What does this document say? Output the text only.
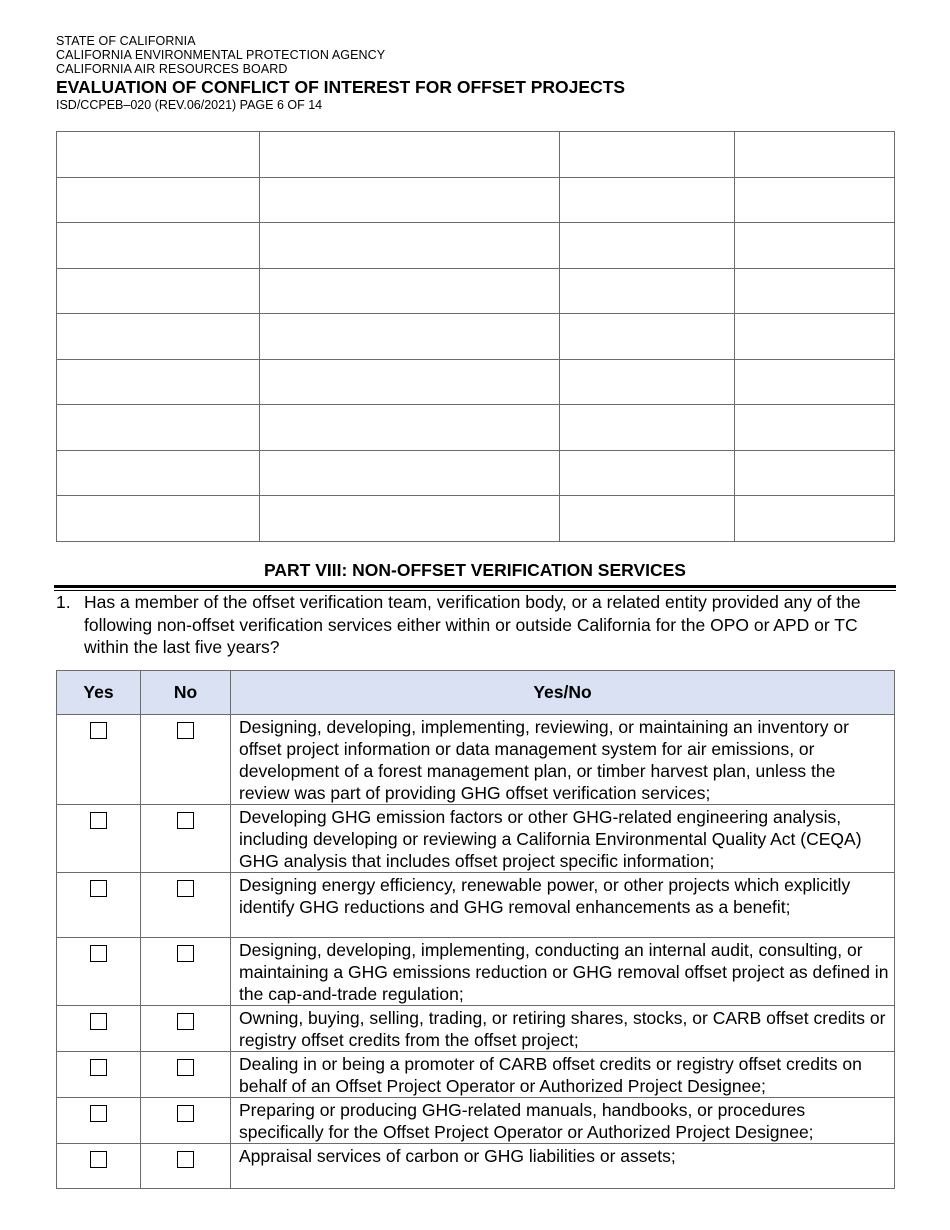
STATE OF CALIFORNIA
CALIFORNIA ENVIRONMENTAL PROTECTION AGENCY
CALIFORNIA AIR RESOURCES BOARD
EVALUATION OF CONFLICT OF INTEREST FOR OFFSET PROJECTS
ISD/CCPEB–020 (REV.06/2021) PAGE 6 OF 14

PART VIII: NON-OFFSET VERIFICATION SERVICES
1. Has a member of the offset verification team, verification body, or a related entity provided any of the following non-offset verification services either within or outside California for the OPO or APD or TC within the last five years?
Yes	No	Yes/No
		Designing, developing, implementing, reviewing, or maintaining an inventory or offset project information or data management system for air emissions, or development of a forest management plan, or timber harvest plan, unless the review was part of providing GHG offset verification services;
		Developing GHG emission factors or other GHG-related engineering analysis, including developing or reviewing a California Environmental Quality Act (CEQA) GHG analysis that includes offset project specific information;
		Designing energy efficiency, renewable power, or other projects which explicitly identify GHG reductions and GHG removal enhancements as a benefit;
		Designing, developing, implementing, conducting an internal audit, consulting, or maintaining a GHG emissions reduction or GHG removal offset project as defined in the cap-and-trade regulation;
		Owning, buying, selling, trading, or retiring shares, stocks, or CARB offset credits or registry offset credits from the offset project;
		Dealing in or being a promoter of CARB offset credits or registry offset credits on behalf of an Offset Project Operator or Authorized Project Designee;
		Preparing or producing GHG-related manuals, handbooks, or procedures specifically for the Offset Project Operator or Authorized Project Designee;
		Appraisal services of carbon or GHG liabilities or assets;
